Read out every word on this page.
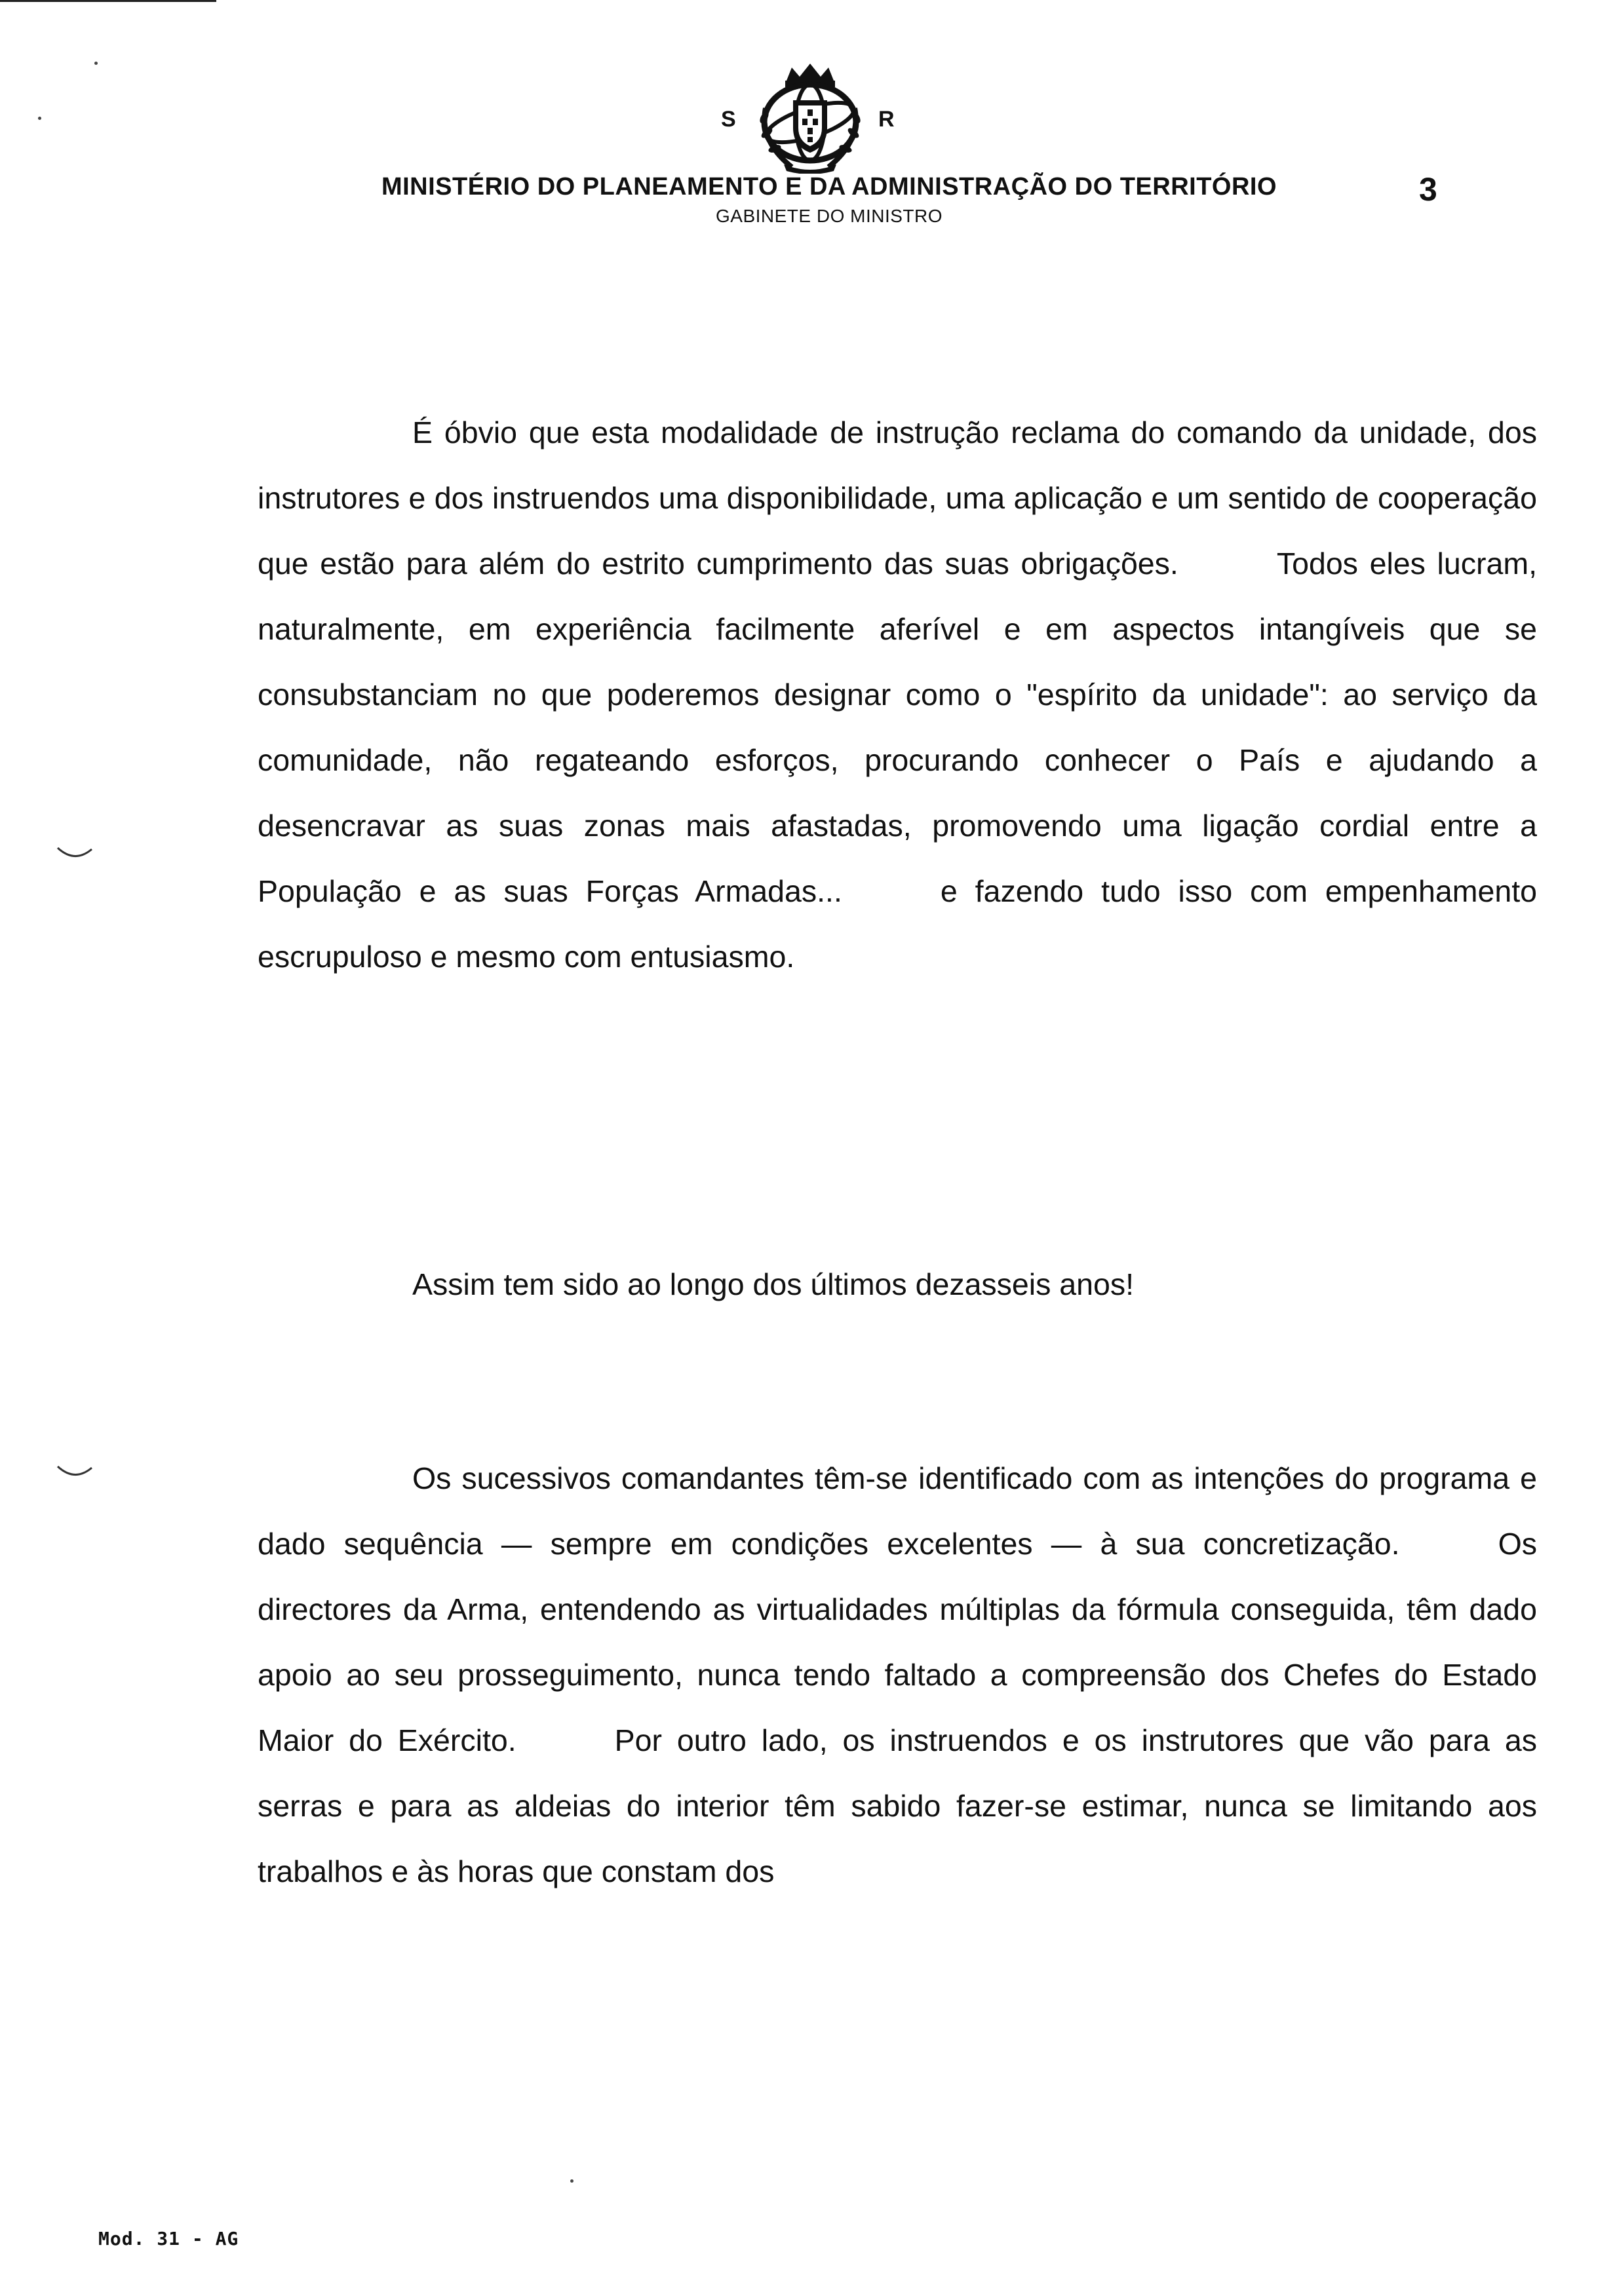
S	R
MINISTÉRIO DO PLANEAMENTO E DA ADMINISTRAÇÃO DO TERRITÓRIO
GABINETE DO MINISTRO
3

É óbvio que esta modalidade de instrução reclama do comando da unidade, dos instrutores e dos instruendos uma disponibilidade, uma aplicação e um sentido de cooperação que estão para além do estrito cumprimento das suas obrigações.	Todos eles lucram, naturalmente, em experiência facilmente aferível e em aspectos intangíveis que se consubstanciam no que poderemos designar como o "espírito da unidade": ao serviço da comunidade, não regateando esforços, procurando conhecer o País e ajudando a desencravar as suas zonas mais afastadas, promovendo uma ligação cordial entre a População e as suas Forças Armadas...	e fazendo tudo isso com empenhamento escrupuloso e mesmo com entusiasmo.

Assim tem sido ao longo dos últimos dezasseis anos!

Os sucessivos comandantes têm-se identificado com as intenções do programa e dado sequência — sempre em condições excelentes — à sua concretização.	Os directores da Arma, entendendo as virtualidades múltiplas da fórmula conseguida, têm dado apoio ao seu prosseguimento, nunca tendo faltado a compreensão dos Chefes do Estado Maior do Exército.	Por outro lado, os instruendos e os instrutores que vão para as serras e para as aldeias do interior têm sabido fazer-se estimar, nunca se limitando aos trabalhos e às horas que constam dos

Mod. 31 - AG
